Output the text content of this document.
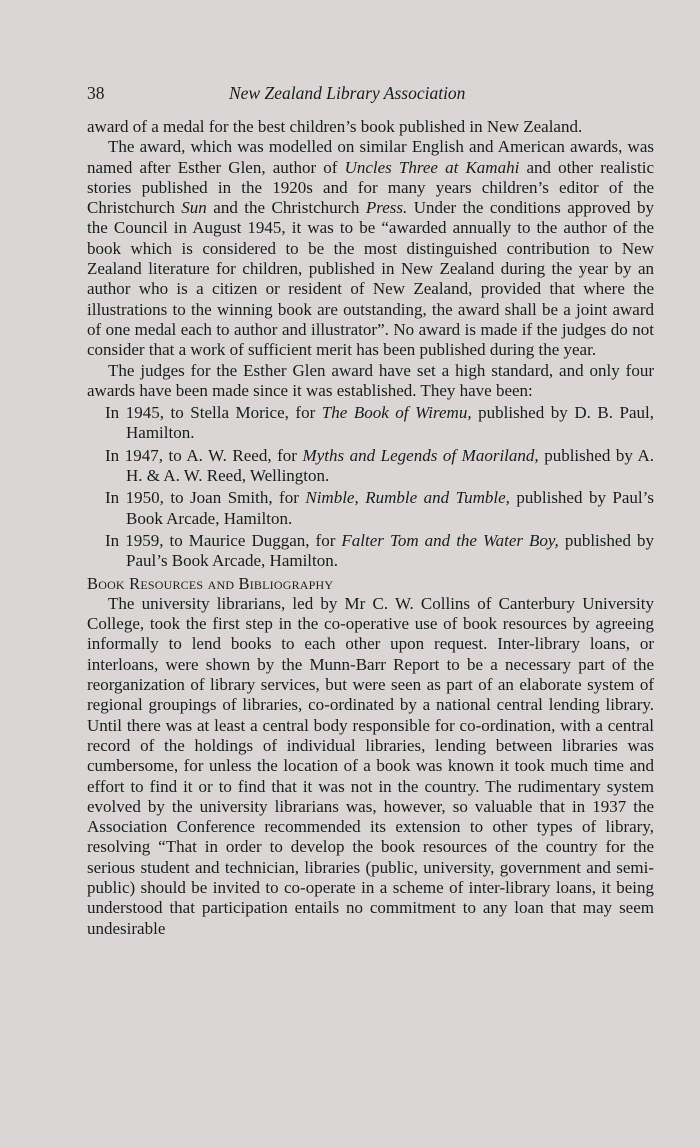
38	New Zealand Library Association

award of a medal for the best children’s book published in New Zealand.

The award, which was modelled on similar English and American awards, was named after Esther Glen, author of Uncles Three at Kamahi and other realistic stories published in the 1920s and for many years children’s editor of the Christchurch Sun and the Christchurch Press. Under the conditions approved by the Council in August 1945, it was to be “awarded annually to the author of the book which is considered to be the most distinguished contribution to New Zealand literature for children, published in New Zealand during the year by an author who is a citizen or resident of New Zealand, provided that where the illustrations to the winning book are outstanding, the award shall be a joint award of one medal each to author and illustrator”. No award is made if the judges do not consider that a work of sufficient merit has been published during the year.

The judges for the Esther Glen award have set a high standard, and only four awards have been made since it was established. They have been:

In 1945, to Stella Morice, for The Book of Wiremu, published by D. B. Paul, Hamilton.

In 1947, to A. W. Reed, for Myths and Legends of Maoriland, published by A. H. & A. W. Reed, Wellington.

In 1950, to Joan Smith, for Nimble, Rumble and Tumble, published by Paul’s Book Arcade, Hamilton.

In 1959, to Maurice Duggan, for Falter Tom and the Water Boy, published by Paul’s Book Arcade, Hamilton.

Book Resources and Bibliography

The university librarians, led by Mr C. W. Collins of Canterbury University College, took the first step in the co-operative use of book resources by agreeing informally to lend books to each other upon request. Inter-library loans, or interloans, were shown by the Munn-Barr Report to be a necessary part of the reorganization of library services, but were seen as part of an elaborate system of regional groupings of libraries, co-ordinated by a national central lending library. Until there was at least a central body responsible for co-ordination, with a central record of the holdings of individual libraries, lending between libraries was cumbersome, for unless the location of a book was known it took much time and effort to find it or to find that it was not in the country. The rudimentary system evolved by the university librarians was, however, so valuable that in 1937 the Association Conference recommended its extension to other types of library, resolving “That in order to develop the book resources of the country for the serious student and technician, libraries (public, university, government and semi-public) should be invited to co-operate in a scheme of inter-library loans, it being understood that participation entails no commitment to any loan that may seem undesirable
